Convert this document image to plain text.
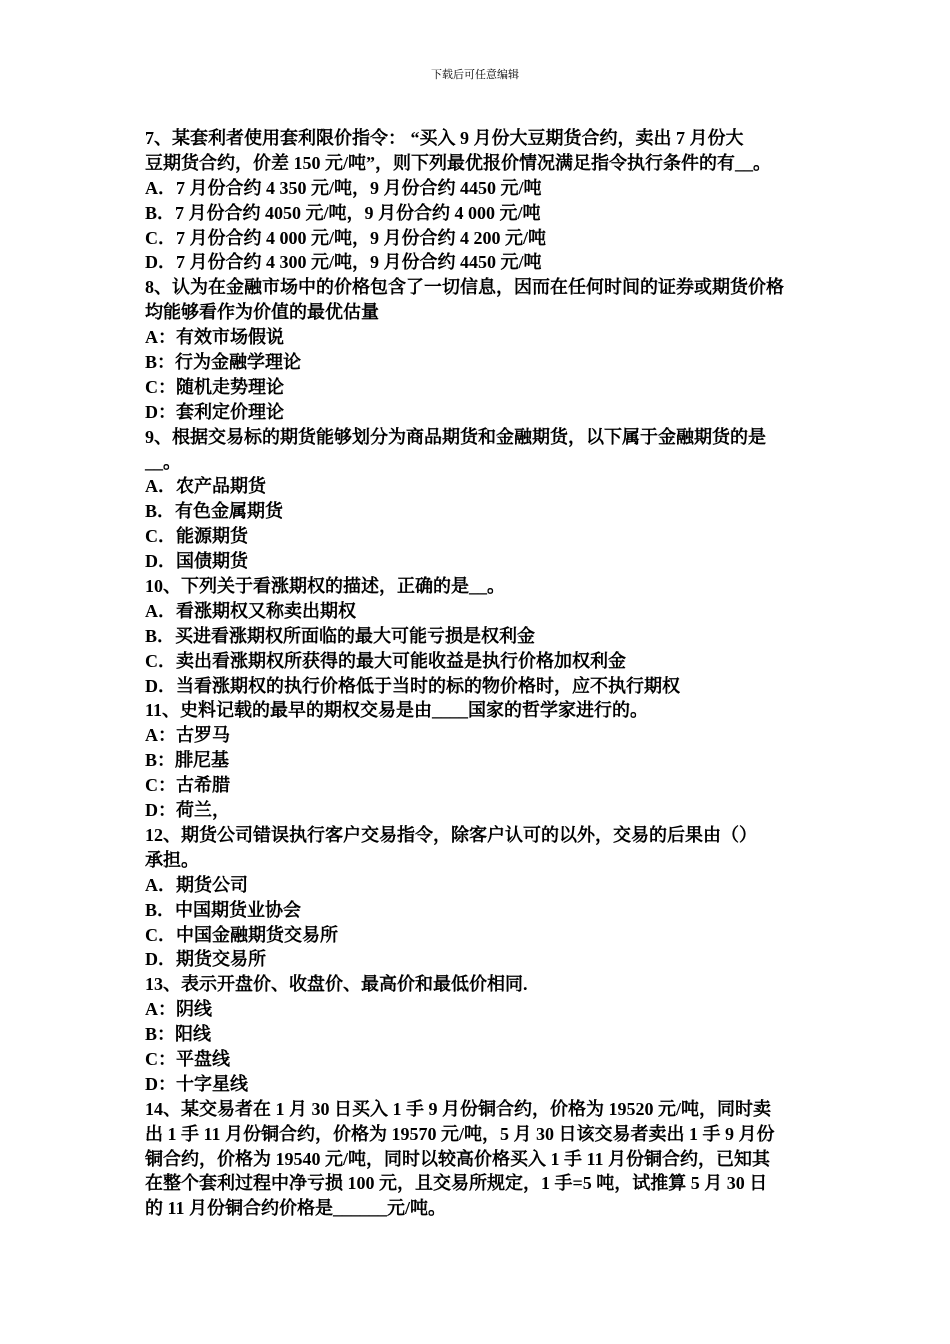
下载后可任意编辑

7、某套利者使用套利限价指令： “买入 9 月份大豆期货合约，卖出 7 月份大

豆期货合约，价差 150 元/吨”，则下列最优报价情况满足指令执行条件的有__。

A．7 月份合约 4 350 元/吨，9 月份合约 4450 元/吨

B．7 月份合约 4050 元/吨，9 月份合约 4 000 元/吨

C．7 月份合约 4 000 元/吨，9 月份合约 4 200 元/吨

D．7 月份合约 4 300 元/吨，9 月份合约 4450 元/吨

8、认为在金融市场中的价格包含了一切信息，因而在任何时间的证券或期货价格

均能够看作为价值的最优估量

A：有效市场假说

B：行为金融学理论

C：随机走势理论

D：套利定价理论

9、根据交易标的期货能够划分为商品期货和金融期货，以下属于金融期货的是

__。

A．农产品期货

B．有色金属期货

C．能源期货

D．国债期货

10、下列关于看涨期权的描述，正确的是__。

A．看涨期权又称卖出期权

B．买进看涨期权所面临的最大可能亏损是权利金

C．卖出看涨期权所获得的最大可能收益是执行价格加权利金

D．当看涨期权的执行价格低于当时的标的物价格时，应不执行期权

11、史料记载的最早的期权交易是由____国家的哲学家进行的。

A：古罗马

B：腓尼基

C：古希腊

D：荷兰，

12、期货公司错误执行客户交易指令，除客户认可的以外，交易的后果由（）

承担。

A．期货公司

B．中国期货业协会

C．中国金融期货交易所

D．期货交易所

13、表示开盘价、收盘价、最高价和最低价相同.

A：阴线

B：阳线

C：平盘线

D：十字星线

14、某交易者在 1 月 30 日买入 1 手 9 月份铜合约，价格为 19520 元/吨，同时卖

出 1 手 11 月份铜合约，价格为 19570 元/吨，5 月 30 日该交易者卖出 1 手 9 月份

铜合约，价格为 19540 元/吨，同时以较高价格买入 1 手 11 月份铜合约，已知其

在整个套利过程中净亏损 100 元，且交易所规定，1 手=5 吨，试推算 5 月 30 日

的 11 月份铜合约价格是______元/吨。
